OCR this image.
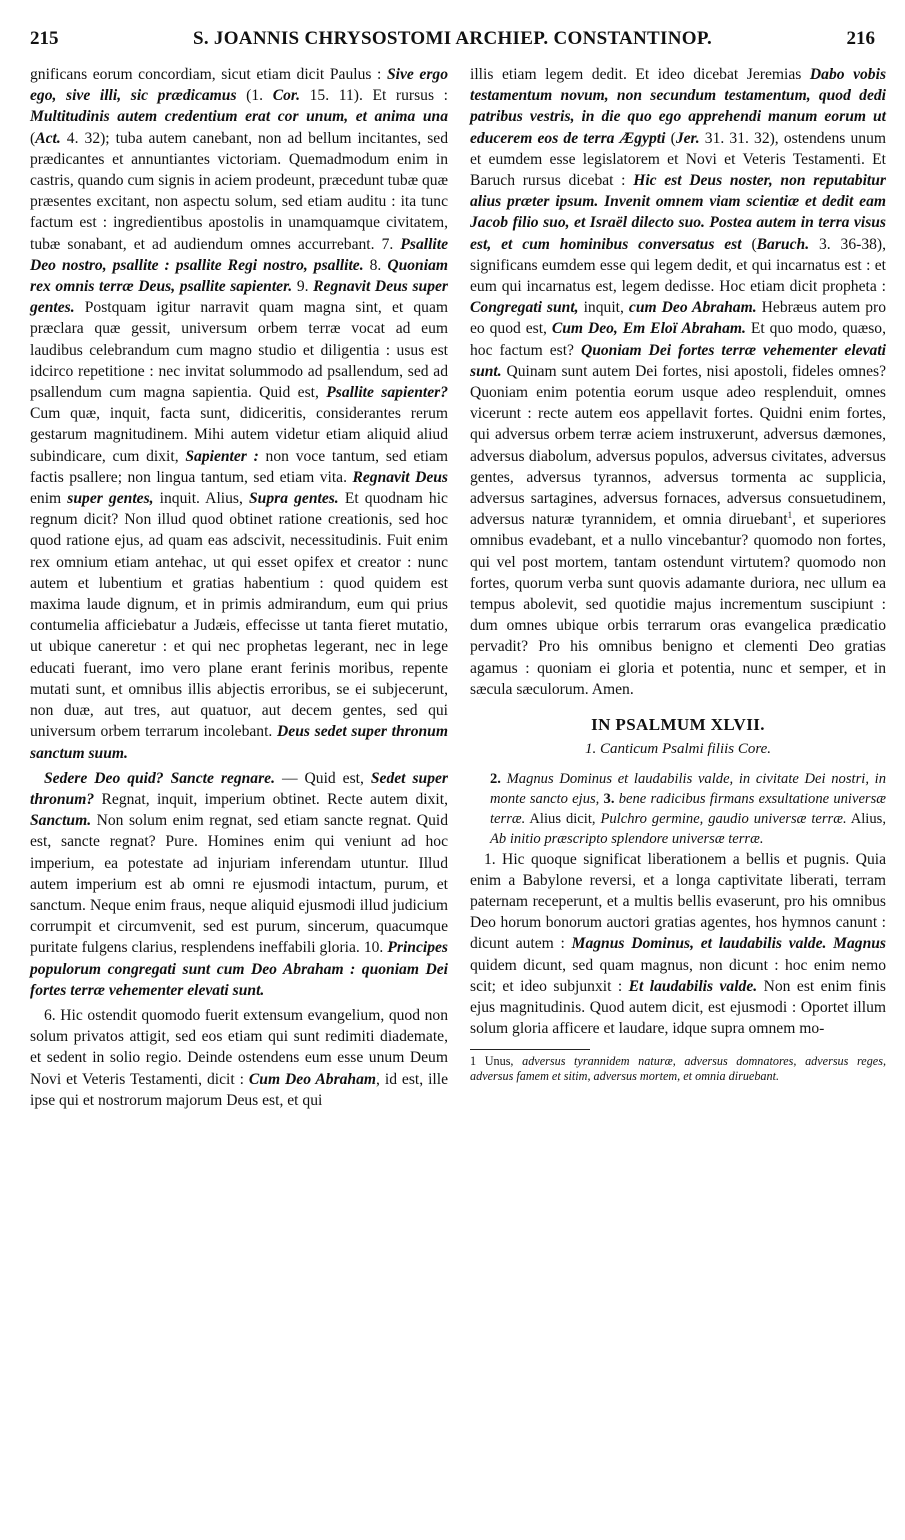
215	S. JOANNIS CHRYSOSTOMI ARCHIEP. CONSTANTINOP.	216

gnificans eorum concordiam, sicut etiam dicit Paulus : Sive ergo ego, sive illi, sic prædicamus (1. Cor. 15. 11). Et rursus : Multitudinis autem credentium erat cor unum, et anima una (Act. 4. 32); tuba autem canebant, non ad bellum incitantes, sed prædicantes et annuntiantes victoriam. Quemadmodum enim in castris, quando cum signis in aciem prodeunt, præcedunt tubæ quæ præsentes excitant, non aspectu solum, sed etiam auditu : ita tunc factum est : ingredientibus apostolis in unamquamque civitatem, tubæ sonabant, et ad audiendum omnes accurrebant. 7. Psallite Deo nostro, psallite : psallite Regi nostro, psallite. 8. Quoniam rex omnis terræ Deus, psallite sapienter. 9. Regnavit Deus super gentes. Postquam igitur narravit quam magna sint, et quam præclara quæ gessit, universum orbem terræ vocat ad eum laudibus celebrandum cum magno studio et diligentia : usus est idcirco repetitione : nec invitat solummodo ad psallendum, sed ad psallendum cum magna sapientia. Quid est, Psallite sapienter? Cum quæ, inquit, facta sunt, didiceritis, considerantes rerum gestarum magnitudinem. Mihi autem videtur etiam aliquid aliud subindicare, cum dixit, Sapienter : non voce tantum, sed etiam factis psallere; non lingua tantum, sed etiam vita. Regnavit Deus enim super gentes, inquit. Alius, Supra gentes. Et quodnam hic regnum dicit? Non illud quod obtinet ratione creationis, sed hoc quod ratione ejus, ad quam eas adscivit, necessitudinis. Fuit enim rex omnium etiam antehac, ut qui esset opifex et creator : nunc autem et lubentium et gratias habentium : quod quidem est maxima laude dignum, et in primis admirandum, eum qui prius contumelia afficiebatur a Judæis, effecisse ut tanta fieret mutatio, ut ubique caneretur : et qui nec prophetas legerant, nec in lege educati fuerant, imo vero plane erant ferinis moribus, repente mutati sunt, et omnibus illis abjectis erroribus, se ei subjecerunt, non duæ, aut tres, aut quatuor, aut decem gentes, sed qui universum orbem terrarum incolebant. Deus sedet super thronum sanctum suum.

Sedere Deo quid? Sancte regnare. — Quid est, Sedet super thronum? Regnat, inquit, imperium obtinet. Recte autem dixit, Sanctum. Non solum enim regnat, sed etiam sancte regnat. Quid est, sancte regnat? Pure. Homines enim qui veniunt ad hoc imperium, ea potestate ad injuriam inferendam utuntur. Illud autem imperium est ab omni re ejusmodi intactum, purum, et sanctum. Neque enim fraus, neque aliquid ejusmodi illud judicium corrumpit et circumvenit, sed est purum, sincerum, quacumque puritate fulgens clarius, resplendens ineffabili gloria. 10. Principes populorum congregati sunt cum Deo Abraham : quoniam Dei fortes terræ vehementer elevati sunt.

6. Hic ostendit quomodo fuerit extensum evangelium, quod non solum privatos attigit, sed eos etiam qui sunt redimiti diademate, et sedent in solio regio. Deinde ostendens eum esse unum Deum Novi et Veteris Testamenti, dicit : Cum Deo Abraham, id est, ille ipse qui et nostrorum majorum Deus est, et qui

illis etiam legem dedit. Et ideo dicebat Jeremias Dabo vobis testamentum novum, non secundum testamentum, quod dedi patribus vestris, in die quo ego apprehendi manum eorum ut educerem eos de terra Ægypti (Jer. 31. 31. 32), ostendens unum et eumdem esse legislatorem et Novi et Veteris Testamenti. Et Baruch rursus dicebat : Hic est Deus noster, non reputabitur alius præter ipsum. Invenit omnem viam scientiæ et dedit eam Jacob filio suo, et Israël dilecto suo. Postea autem in terra visus est, et cum hominibus conversatus est (Baruch. 3. 36-38), significans eumdem esse qui legem dedit, et qui incarnatus est : et eum qui incarnatus est, legem dedisse. Hoc etiam dicit propheta : Congregati sunt, inquit, cum Deo Abraham. Hebræus autem pro eo quod est, Cum Deo, Em Eloï Abraham. Et quo modo, quæso, hoc factum est? Quoniam Dei fortes terræ vehementer elevati sunt. Quinam sunt autem Dei fortes, nisi apostoli, fideles omnes? Quoniam enim potentia eorum usque adeo resplenduit, omnes vicerunt : recte autem eos appellavit fortes. Quidni enim fortes, qui adversus orbem terræ aciem instruxerunt, adversus dæmones, adversus diabolum, adversus populos, adversus civitates, adversus gentes, adversus tyrannos, adversus tormenta ac supplicia, adversus sartagines, adversus fornaces, adversus consuetudinem, adversus naturæ tyrannidem, et omnia diruebant$^1$, et superiores omnibus evadebant, et a nullo vincebantur? quomodo non fortes, qui vel post mortem, tantam ostendunt virtutem? quomodo non fortes, quorum verba sunt quovis adamante duriora, nec ullum ea tempus abolevit, sed quotidie majus incrementum suscipiunt : dum omnes ubique orbis terrarum oras evangelica prædicatio pervadit? Pro his omnibus benigno et clementi Deo gratias agamus : quoniam ei gloria et potentia, nunc et semper, et in sæcula sæculorum. Amen.

IN PSALMUM XLVII.
1. Canticum Psalmi filiis Core.

2. Magnus Dominus et laudabilis valde, in civitate Dei nostri, in monte sancto ejus, 3. bene radicibus firmans exsultatione universæ terræ. Alius dicit, Pulchro germine, gaudio universæ terræ. Alius, Ab initio præscripto splendore universæ terræ.

1. Hic quoque significat liberationem a bellis et pugnis. Quia enim a Babylone reversi, et a longa captivitate liberati, terram paternam receperunt, et a multis bellis evaserunt, pro his omnibus Deo horum bonorum auctori gratias agentes, hos hymnos canunt : dicunt autem : Magnus Dominus, et laudabilis valde. Magnus quidem dicunt, sed quam magnus, non dicunt : hoc enim nemo scit; et ideo subjunxit : Et laudabilis valde. Non est enim finis ejus magnitudinis. Quod autem dicit, est ejusmodi : Oportet illum solum gloria afficere et laudare, idque supra omnem mo-

1 Unus, adversus tyrannidem naturæ, adversus domnatores, adversus reges, adversus famem et sitim, adversus mortem, et omnia diruebant.
